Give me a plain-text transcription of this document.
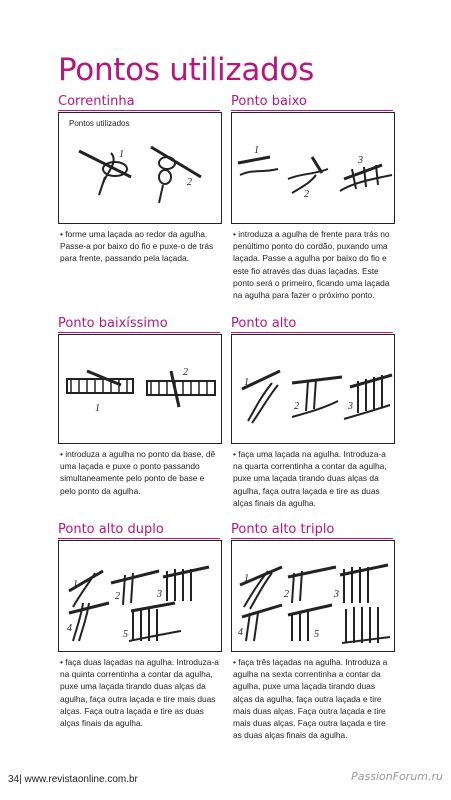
Pontos utilizados
Correntinha
Pontos utilizados
1
2
• forme uma laçada ao redor da agulha. Passe-a por baixo do fio e puxe-o de trás para frente, passando pela laçada.
Ponto baixo
1
2
3
• introduza a agulha de frente para trás no penúltimo ponto do cordão, puxando uma laçada. Passe a agulha por baixo do fio e este fio através das duas laçadas. Este ponto será o primeiro, ficando uma laçada na agulha para fazer o próximo ponto.
Ponto baixíssimo
1
2
• introduza a agulha no ponto da base, dê uma laçada e puxe o ponto passando simultaneamente pelo ponto de base e pelo ponto da agulha.
Ponto alto
1
2	3
• faça uma laçada na agulha. Introduza-a na quarta correntinha a contar da agulha, puxe uma laçada tirando duas alças da agulha, faça outra laçada e tire as duas alças finais da agulha.
Ponto alto duplo
1
2	3
4
5
• faça duas laçadas na agulha. Introduza-a na quinta correntinha a contar da agulha, puxe uma laçada tirando duas alças da agulha, faça outra laçada e tire mais duas alças. Faça outra laçada e tire as duas alças finais da agulha.
Ponto alto triplo
1
2	3
4	5
• faça três laçadas na agulha. Introduza a agulha na sexta correntinha a contar da agulha, puxe uma laçada tirando duas alças da agulha, faça outra laçada e tire mais duas alças. Faça outra laçada e tire mais duas alças. Faça outra laçada e tire as duas alças finais da agulha.
34| www.revistaonline.com.br	PassionForum.ru
